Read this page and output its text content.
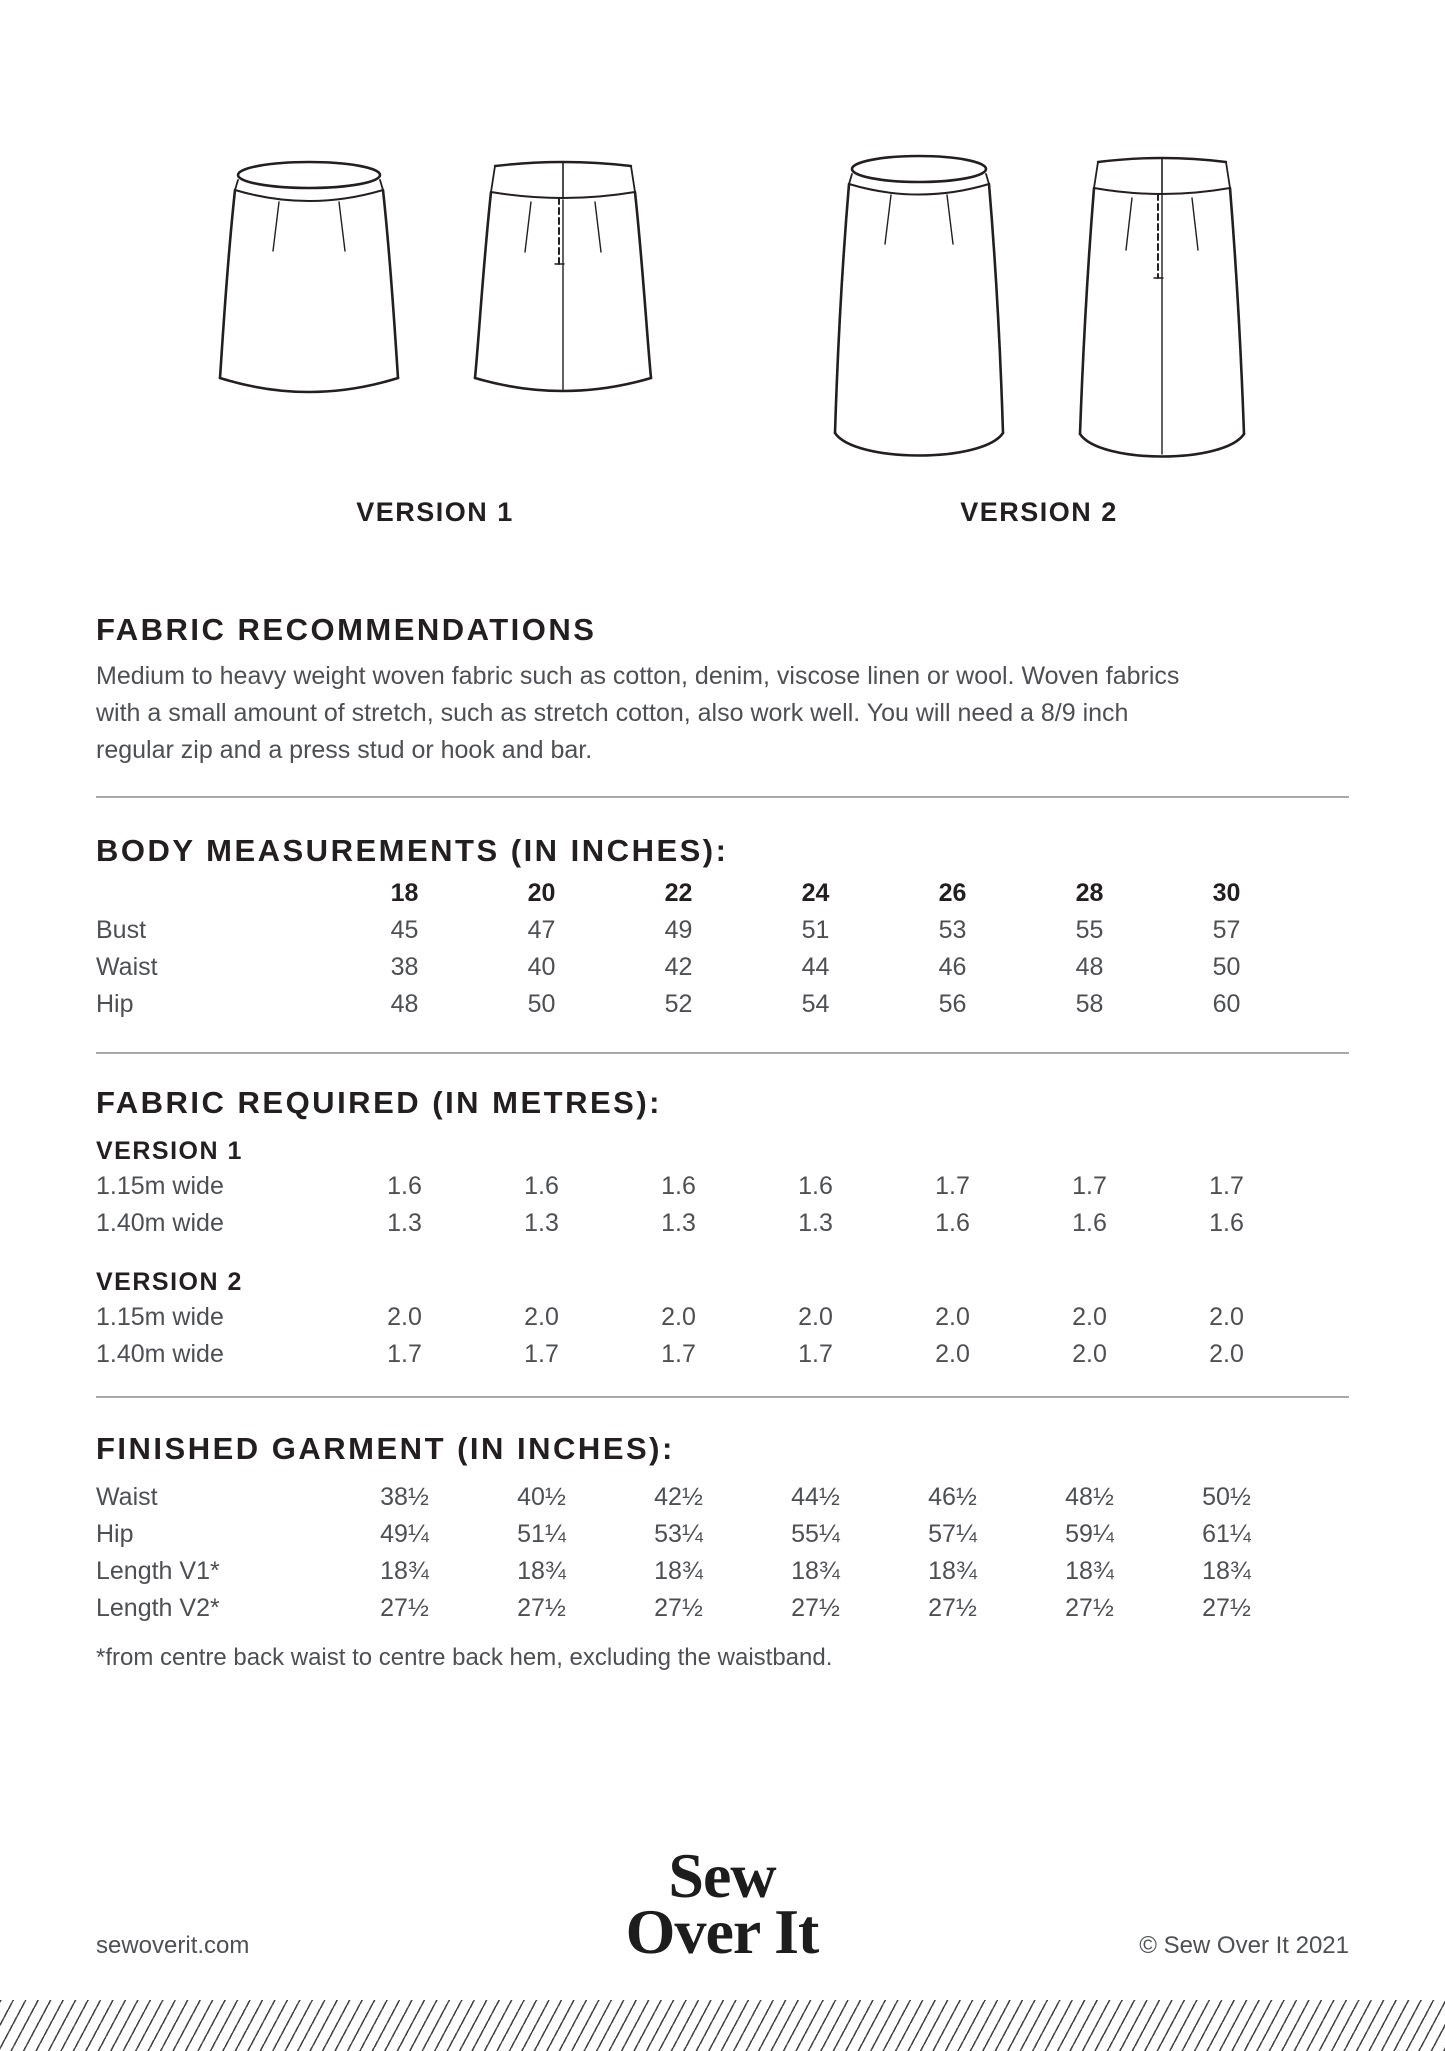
VERSION 1	VERSION 2
FABRIC RECOMMENDATIONS
Medium to heavy weight woven fabric such as cotton, denim, viscose linen or wool. Woven fabrics
with a small amount of stretch, such as stretch cotton, also work well. You will need a 8/9 inch
regular zip and a press stud or hook and bar.
BODY MEASUREMENTS (IN INCHES):
18	20	22	24	26	28	30
Bust	45	47	49	51	53	55	57
Waist	38	40	42	44	46	48	50
Hip	48	50	52	54	56	58	60
FABRIC REQUIRED (IN METRES):
VERSION 1
1.15m wide	1.6	1.6	1.6	1.6	1.7	1.7	1.7
1.40m wide	1.3	1.3	1.3	1.3	1.6	1.6	1.6
VERSION 2
1.15m wide	2.0	2.0	2.0	2.0	2.0	2.0	2.0
1.40m wide	1.7	1.7	1.7	1.7	2.0	2.0	2.0
FINISHED GARMENT (IN INCHES):
Waist	38½	40½	42½	44½	46½	48½	50½
Hip	49¼	51¼	53¼	55¼	57¼	59¼	61¼
Length V1*	18¾	18¾	18¾	18¾	18¾	18¾	18¾
Length V2*	27½	27½	27½	27½	27½	27½	27½
*from centre back waist to centre back hem, excluding the waistband.
sewoverit.com
Sew
Over It	© Sew Over It 2021
